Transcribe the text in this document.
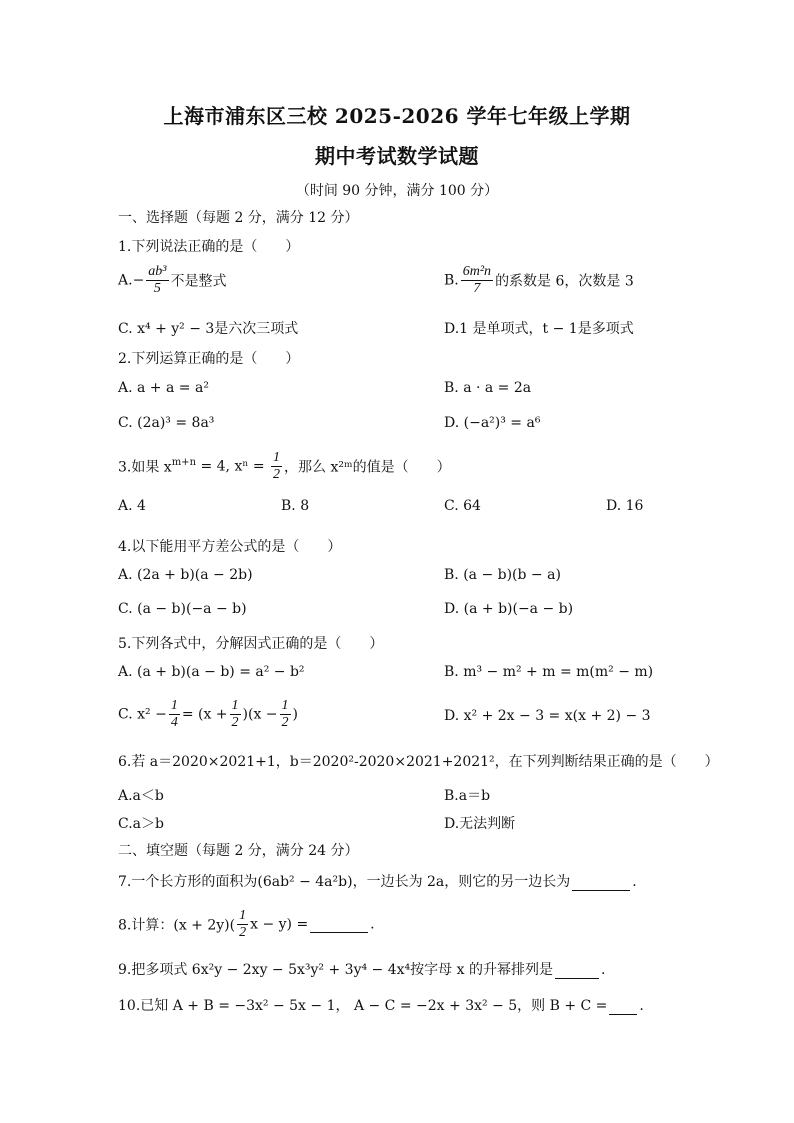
上海市浦东区三校 2025-2026 学年七年级上学期
期中考试数学试题
（时间 90 分钟，满分 100 分）
一、选择题（每题 2 分，满分 12 分）
1.下列说法正确的是（　　）
$A.- \frac{\text{ab³}}{5}$ 不是整式	B. $\frac{\text{6m²n}}{7}$ 的系数是 6，次数是 3
C. x⁴ + y² − 3是六次三项式	D.1 是单项式，t − 1是多项式
2.下列运算正确的是（　　）
A. a + a = a²	B. a · a = 2a
C. (2a)³ = 8a³	D. (−a²)³ = a⁶
3.如果 $x^{m+n} = 4$, $x^n = \frac{1}{2}$ ，那么 x²ᵐ的值是（　　）
A. 4	B. 8	C. 64	D. 16
4.以下能用平方差公式的是（　　）
A. (2a + b)(a − 2b)	B. (a − b)(b − a)
C. (a − b)(−a − b)	D. (a + b)(−a − b)
5.下列各式中，分解因式正确的是（　　）
A. (a + b)(a − b) = a² − b²	B. m³ − m² + m = m(m² − m)
C. $x^2 - \frac{1}{4} = (x + \frac{1}{2} )(x - \frac{1}{2}$ )	D. x² + 2x − 3 = x(x + 2) − 3
6.若 a＝2020×2021+1，b＝2020²-2020×2021+2021²，在下列判断结果正确的是（　　）
A.a＜b	B.a＝b
C.a＞b	D.无法判断
二、填空题（每题 2 分，满分 24 分）
7.一个长方形的面积为(6ab² − 4a²b)，一边长为 2a，则它的另一边长为	.
8.计算：$(x + 2y)( \frac{1}{2}$ x − y) =	.
9.把多项式 6x²y − 2xy − 5x³y² + 3y⁴ − 4x⁴按字母 x 的升幂排列是	.
10.已知 A + B = −3x² − 5x − 1， A − C = −2x + 3x² − 5，则 B + C = .
